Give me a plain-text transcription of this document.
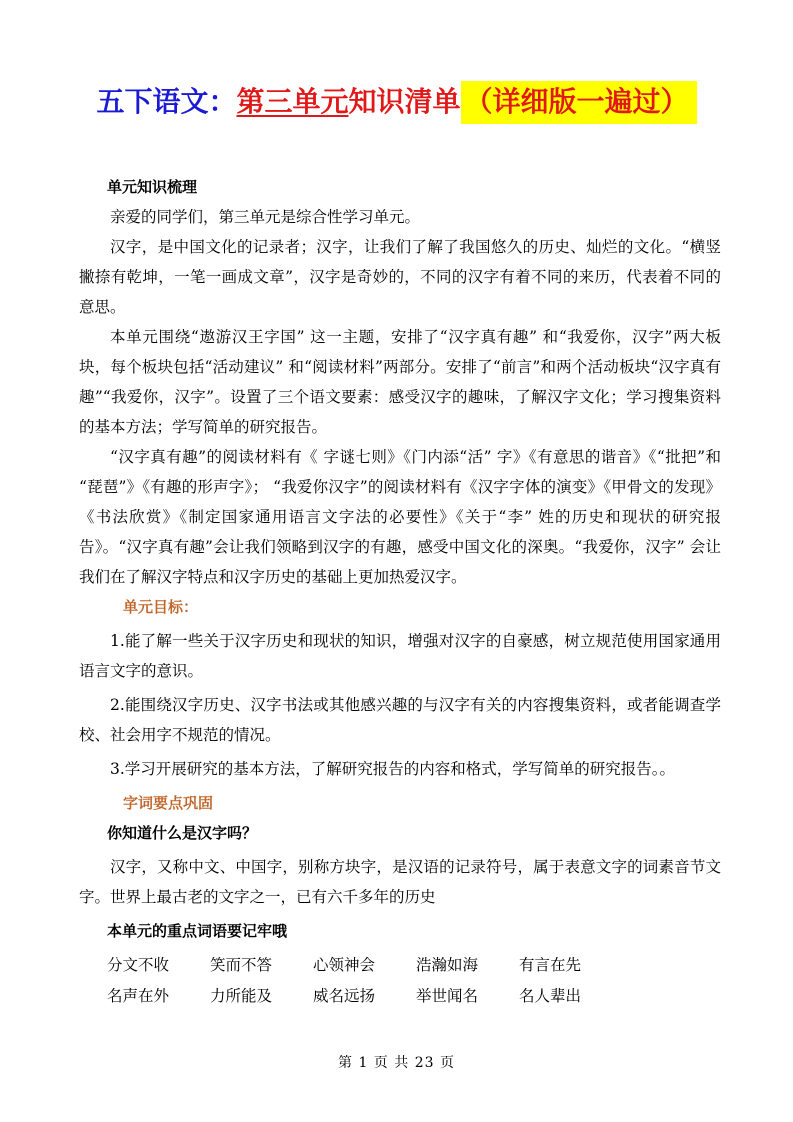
五下语文：第三单元知识清单 （详细版一遍过）

单元知识梳理

亲爱的同学们，第三单元是综合性学习单元。

汉字，是中国文化的记录者；汉字，让我们了解了我国悠久的历史、灿烂的文化。“横竖撇捺有乾坤，一笔一画成文章”，汉字是奇妙的，不同的汉字有着不同的来历，代表着不同的意思。

本单元围绕“遨游汉王字国” 这一主题，安排了“汉字真有趣” 和“我爱你，汉字”两大板块，每个板块包括“活动建议” 和“阅读材料”两部分。安排了“前言”和两个活动板块“汉字真有趣”“我爱你，汉字”。设置了三个语文要素：感受汉字的趣味，了解汉字文化；学习搜集资料的基本方法；学写简单的研究报告。

“汉字真有趣”的阅读材料有《 字谜七则》《门内添“活” 字》《有意思的谐音》《“批把”和 “琵琶”》《有趣的形声字》； “我爱你汉字”的阅读材料有《汉字字体的演变》《甲骨文的发现》《书法欣赏》《制定国家通用语言文字法的必要性》《关于“李” 姓的历史和现状的研究报告》。“汉字真有趣”会让我们领略到汉字的有趣，感受中国文化的深奥。“我爱你，汉字” 会让我们在了解汉字特点和汉字历史的基础上更加热爱汉字。

单元目标：

1.能了解一些关于汉字历史和现状的知识，增强对汉字的自豪感，树立规范使用国家通用语言文字的意识。

2.能围绕汉字历史、汉字书法或其他感兴趣的与汉字有关的内容搜集资料，或者能调查学校、社会用字不规范的情况。

3.学习开展研究的基本方法，了解研究报告的内容和格式，学写简单的研究报告。。

字词要点巩固

你知道什么是汉字吗？

汉字，又称中文、中国字，别称方块字，是汉语的记录符号，属于表意文字的词素音节文字。世界上最古老的文字之一，已有六千多年的历史

本单元的重点词语要记牢哦

分文不收	笑而不答	心领神会	浩瀚如海	有言在先
名声在外	力所能及	威名远扬	举世闻名	名人辈出
第 1 页 共 23 页
